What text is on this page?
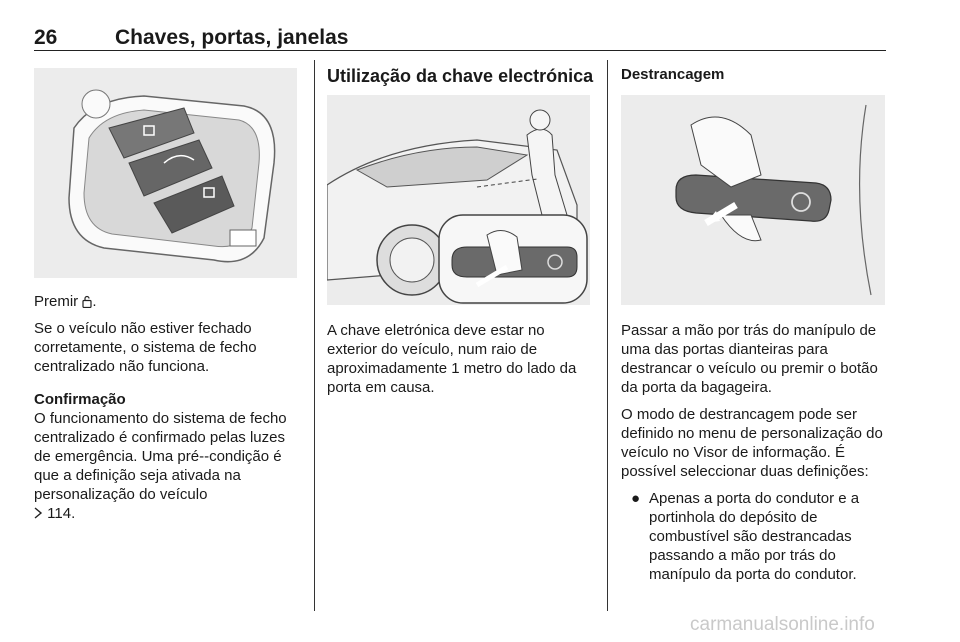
26	Chaves, portas, janelas

Premir .

Se o veículo não estiver fechado corretamente, o sistema de fecho centralizado não funciona.

Confirmação
O funcionamento do sistema de fecho centralizado é confirmado pelas luzes de emergência. Uma pré--condição é que a definição seja ativada na personalização do veículo

114.
Utilização da chave electrónica

A chave eletrónica deve estar no exterior do veículo, num raio de aproximadamente 1 metro do lado da porta em causa.

Destrancagem

Passar a mão por trás do manípulo de uma das portas dianteiras para destrancar o veículo ou premir o botão da porta da bagageira.

O modo de destrancagem pode ser definido no menu de personalização do veículo no Visor de informação. É possível seleccionar duas definições:

● Apenas a porta do condutor e a portinhola do depósito de combustível são destrancadas passando a mão por trás do manípulo da porta do condutor.
carmanualsonline.info
